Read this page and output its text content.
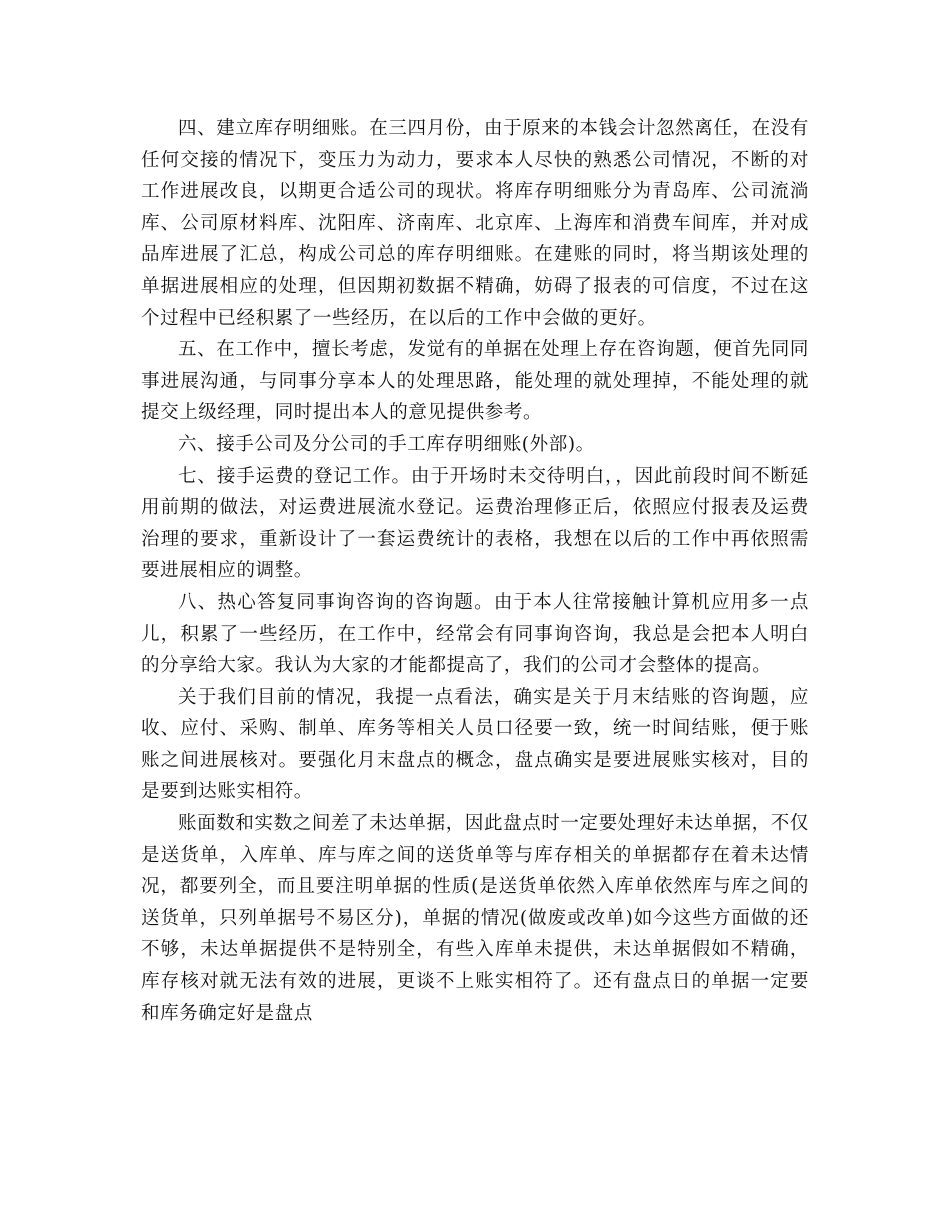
四、建立库存明细账。在三四月份，由于原来的本钱会计忽然离任，在没有任何交接的情况下，变压力为动力，要求本人尽快的熟悉公司情况，不断的对工作进展改良，以期更合适公司的现状。将库存明细账分为青岛库、公司流淌库、公司原材料库、沈阳库、济南库、北京库、上海库和消费车间库，并对成品库进展了汇总，构成公司总的库存明细账。在建账的同时，将当期该处理的单据进展相应的处理，但因期初数据不精确，妨碍了报表的可信度，不过在这个过程中已经积累了一些经历，在以后的工作中会做的更好。

五、在工作中，擅长考虑，发觉有的单据在处理上存在咨询题，便首先同同事进展沟通，与同事分享本人的处理思路，能处理的就处理掉，不能处理的就提交上级经理，同时提出本人的意见提供参考。

六、接手公司及分公司的手工库存明细账(外部)。

七、接手运费的登记工作。由于开场时未交待明白，，因此前段时间不断延用前期的做法，对运费进展流水登记。运费治理修正后，依照应付报表及运费治理的要求，重新设计了一套运费统计的表格，我想在以后的工作中再依照需要进展相应的调整。

八、热心答复同事询咨询的咨询题。由于本人往常接触计算机应用多一点儿，积累了一些经历，在工作中，经常会有同事询咨询，我总是会把本人明白的分享给大家。我认为大家的才能都提高了，我们的公司才会整体的提高。

关于我们目前的情况，我提一点看法，确实是关于月末结账的咨询题，应收、应付、采购、制单、库务等相关人员口径要一致，统一时间结账，便于账账之间进展核对。要强化月末盘点的概念，盘点确实是要进展账实核对，目的是要到达账实相符。

账面数和实数之间差了未达单据，因此盘点时一定要处理好未达单据，不仅是送货单，入库单、库与库之间的送货单等与库存相关的单据都存在着未达情况，都要列全，而且要注明单据的性质(是送货单依然入库单依然库与库之间的送货单，只列单据号不易区分)，单据的情况(做废或改单)如今这些方面做的还不够，未达单据提供不是特别全，有些入库单未提供，未达单据假如不精确，库存核对就无法有效的进展，更谈不上账实相符了。还有盘点日的单据一定要和库务确定好是盘点
